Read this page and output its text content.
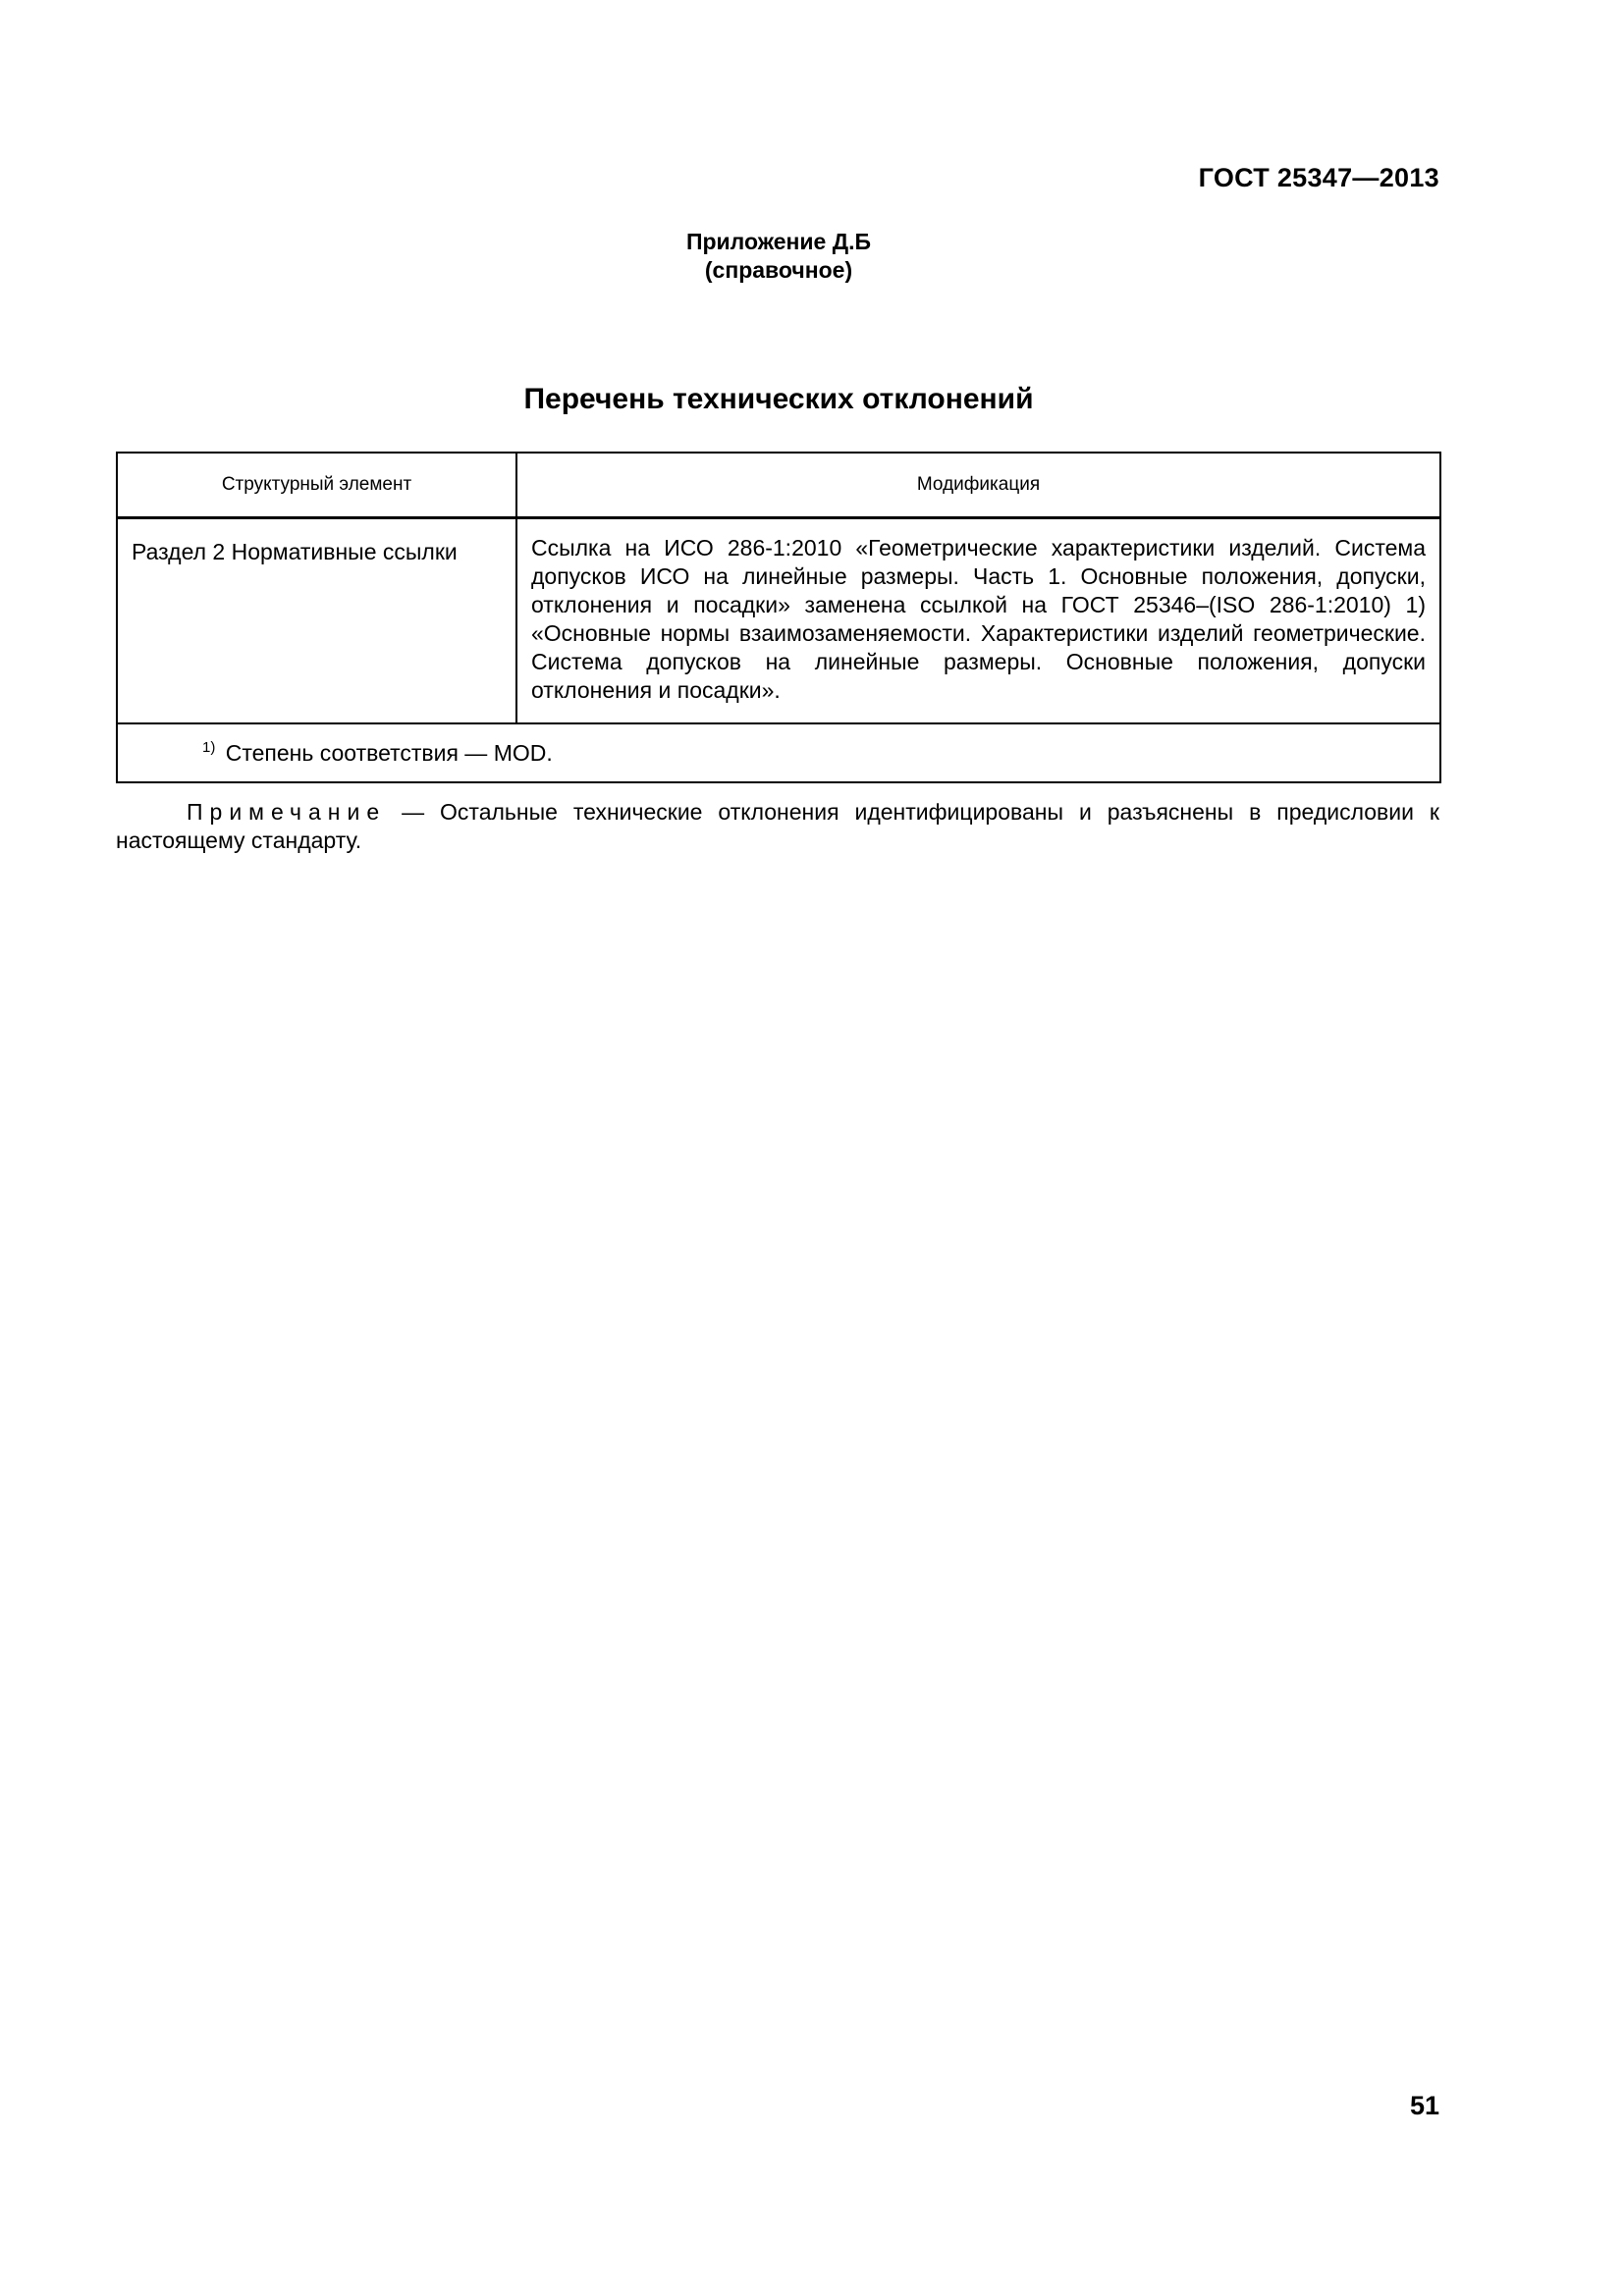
ГОСТ 25347—2013
Приложение Д.Б
(справочное)
Перечень технических отклонений
Структурный элемент	Модификация
Раздел 2 Нормативные ссылки	Ссылка на ИСО 286-1:2010 «Геометрические характеристики изделий. Система допусков ИСО на линейные размеры. Часть 1. Основные положения, допуски, отклонения и посадки» заменена ссылкой на ГОСТ 25346–(ISO 286-1:2010) 1) «Основные нормы взаимозаменяемости. Характеристики изделий геометрические. Система допусков на линейные размеры. Основные положения, допуски отклонения и посадки».
$^{1)}$ Степень соответствия — MOD.	
Примечание — Остальные технические отклонения идентифицированы и разъяснены в предисловии к настоящему стандарту.
51
